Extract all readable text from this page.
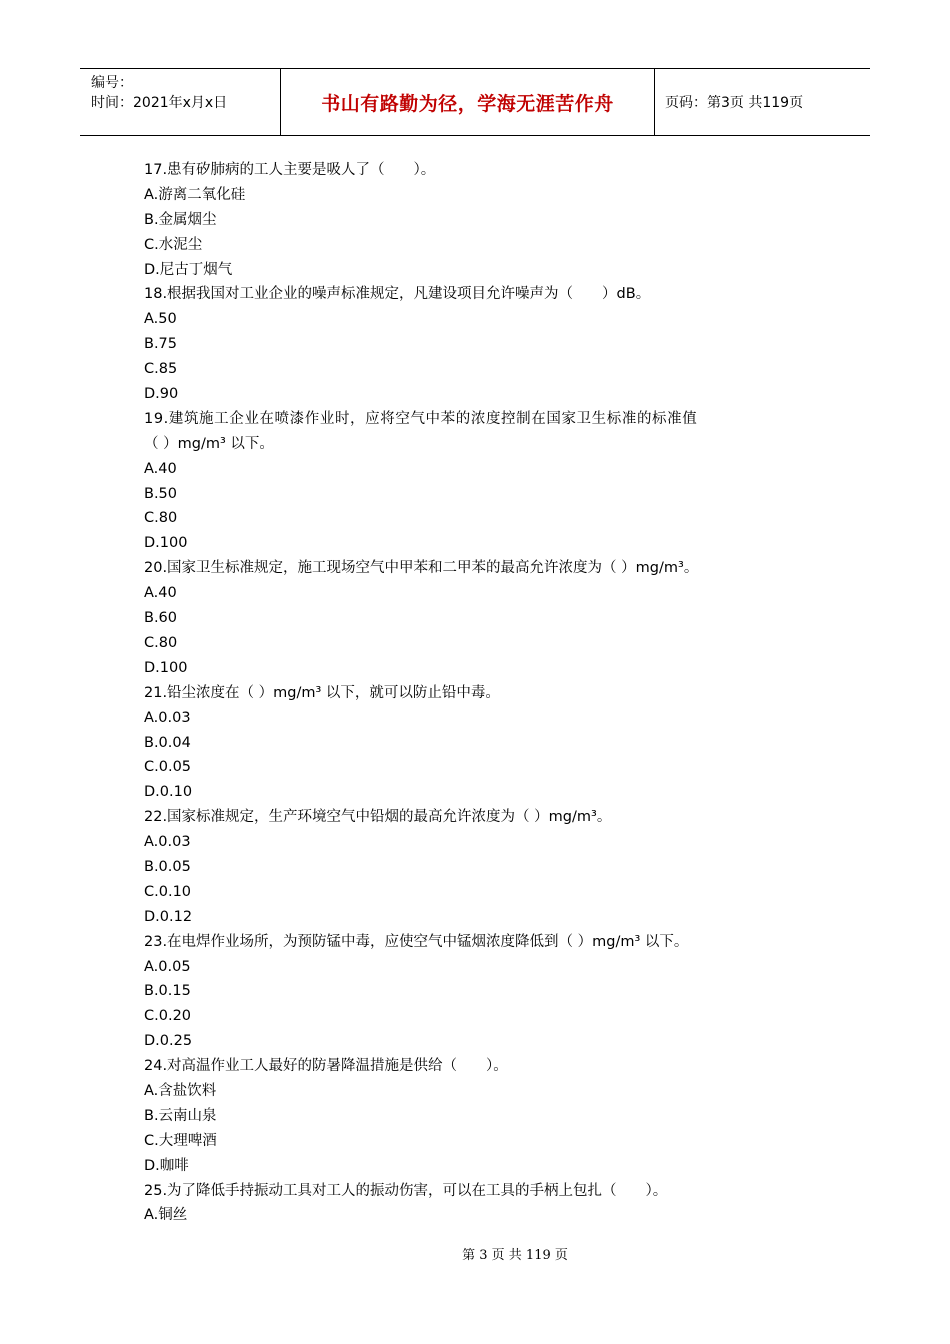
编号：
时间：2021年x月x日	书山有路勤为径，学海无涯苦作舟	页码：第3页 共119页
17.患有矽肺病的工人主要是吸人了（　　）。
A.游离二氧化硅
B.金属烟尘
C.水泥尘
D.尼古丁烟气
18.根据我国对工业企业的噪声标准规定，凡建设项目允许噪声为（　　）dB。
A.50
B.75
C.85
D.90
19.建筑施工企业在喷漆作业时，应将空气中苯的浓度控制在国家卫生标准的标准值
（ ）mg/m³ 以下。
A.40
B.50
C.80
D.100
20.国家卫生标准规定，施工现场空气中甲苯和二甲苯的最高允许浓度为（ ）mg/m³。
A.40
B.60
C.80
D.100
21.铅尘浓度在（ ）mg/m³ 以下，就可以防止铅中毒。
A.0.03
B.0.04
C.0.05
D.0.10
22.国家标准规定，生产环境空气中铅烟的最高允许浓度为（ ）mg/m³。
A.0.03
B.0.05
C.0.10
D.0.12
23.在电焊作业场所，为预防锰中毒，应使空气中锰烟浓度降低到（ ）mg/m³ 以下。
A.0.05
B.0.15
C.0.20
D.0.25
24.对高温作业工人最好的防暑降温措施是供给（　　）。
A.含盐饮料
B.云南山泉
C.大理啤酒
D.咖啡
25.为了降低手持振动工具对工人的振动伤害，可以在工具的手柄上包扎（　　）。
A.铜丝
第 3 页 共 119 页
